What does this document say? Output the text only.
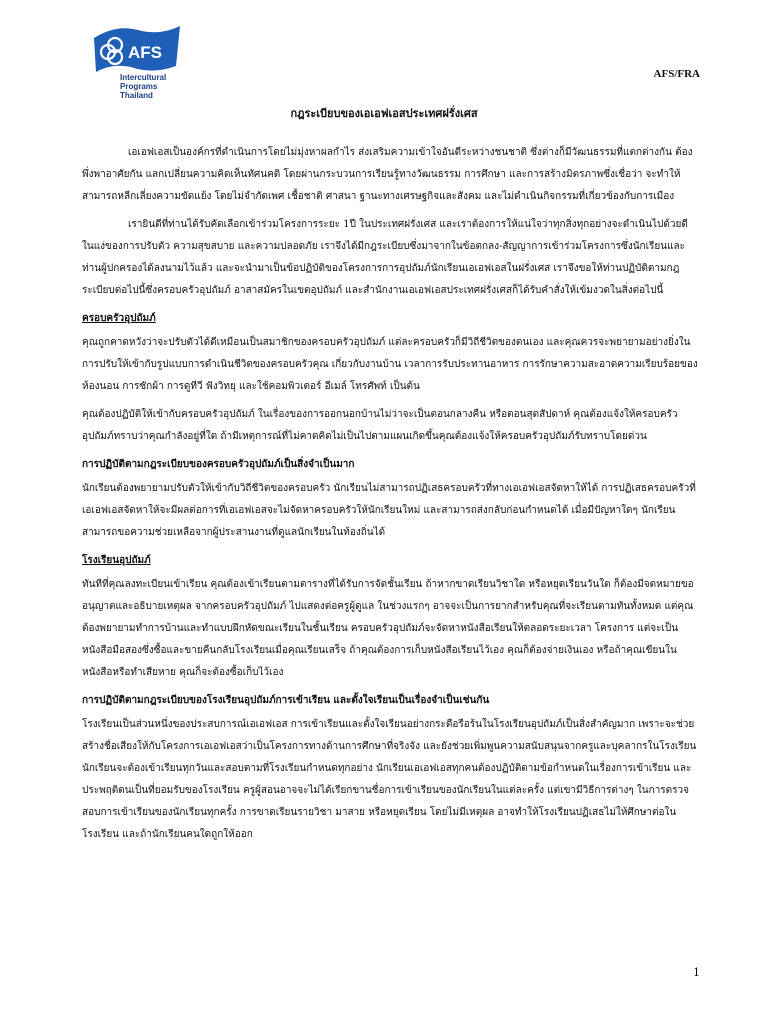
AFS
Intercultural
Programs
Thailand
AFS/FRA
กฎระเบียบของเอเอฟเอสประเทศฝรั่งเศส

เอเอฟเอสเป็นองค์กรที่ดำเนินการโดยไม่มุ่งหาผลกำไร ส่งเสริมความเข้าใจอันดีระหว่างชนชาติ ซึ่งต่างก็มีวัฒนธรรมที่แตกต่างกัน ต้องพึ่งพาอาศัยกัน แลกเปลี่ยนความคิดเห็นทัศนคติ โดยผ่านกระบวนการเรียนรู้ทางวัฒนธรรม การศึกษา และการสร้างมิตรภาพซึ่งเชื่อว่า จะทำให้สามารถหลีกเลี่ยงความขัดแย้ง โดยไม่จำกัดเพศ เชื้อชาติ ศาสนา ฐานะทางเศรษฐกิจและสังคม และไม่ดำเนินกิจกรรมที่เกี่ยวข้องกับการเมือง

เรายินดีที่ท่านได้รับคัดเลือกเข้าร่วมโครงการระยะ 1ปี ในประเทศฝรั่งเศส และเราต้องการให้แน่ใจว่าทุกสิ่งทุกอย่างจะดำเนินไปด้วยดี ในแง่ของการปรับตัว ความสุขสบาย และความปลอดภัย เราจึงได้มีกฎระเบียบซึ่งมาจากในข้อตกลง-สัญญาการเข้าร่วมโครงการซึ่งนักเรียนและท่านผู้ปกครองได้ลงนามไว้แล้ว และจะนำมาเป็นข้อปฏิบัติของโครงการการอุปถัมภ์นักเรียนเอเอฟเอสในฝรั่งเศส เราจึงขอให้ท่านปฏิบัติตามกฎระเบียบต่อไปนี้ซึ่งครอบครัวอุปถัมภ์ อาสาสมัครในเขตอุปถัมภ์ และสำนักงานเอเอฟเอสประเทศฝรั่งเศสก็ได้รับคำสั่งให้เข้มงวดในสิ่งต่อไปนี้

ครอบครัวอุปถัมภ์

คุณถูกคาดหวังว่าจะปรับตัวได้ดีเหมือนเป็นสมาชิกของครอบครัวอุปถัมภ์ แต่ละครอบครัวก็มีวิถีชีวิตของตนเอง และคุณควรจะพยายามอย่างยิ่งในการปรับให้เข้ากับรูปแบบการดำเนินชีวิตของครอบครัวคุณ เกี่ยวกับงานบ้าน เวลาการรับประทานอาหาร การรักษาความสะอาดความเรียบร้อยของห้องนอน การซักผ้า การดูทีวี ฟังวิทยุ และใช้คอมพิวเตอร์ อีเมล์ โทรศัพท์ เป็นต้น

คุณต้องปฏิบัติให้เข้ากับครอบครัวอุปถัมภ์ ในเรื่องของการออกนอกบ้านไม่ว่าจะเป็นตอนกลางคืน หรือตอนสุดสัปดาห์ คุณต้องแจ้งให้ครอบครัวอุปถัมภ์ทราบว่าคุณกำลังอยู่ที่ใด ถ้ามีเหตุการณ์ที่ไม่คาดคิดไม่เป็นไปตามแผนเกิดขึ้นคุณต้องแจ้งให้ครอบครัวอุปถัมภ์รับทราบโดยด่วน

การปฏิบัติตามกฎระเบียบของครอบครัวอุปถัมภ์เป็นสิ่งจำเป็นมาก

นักเรียนต้องพยายามปรับตัวให้เข้ากับวิถีชีวิตของครอบครัว นักเรียนไม่สามารถปฏิเสธครอบครัวที่ทางเอเอฟเอสจัดหาให้ได้ การปฏิเสธครอบครัวที่เอเอฟเอสจัดหาให้จะมีผลต่อการที่เอเอฟเอสจะไม่จัดหาครอบครัวให้นักเรียนใหม่ และสามารถส่งกลับก่อนกำหนดได้ เมื่อมีปัญหาใดๆ นักเรียนสามารถขอความช่วยเหลือจากผู้ประสานงานที่ดูแลนักเรียนในท้องถิ่นได้

โรงเรียนอุปถัมภ์

ทันทีที่คุณลงทะเบียนเข้าเรียน คุณต้องเข้าเรียนตามตารางที่ได้รับการจัดชั้นเรียน ถ้าหากขาดเรียนวิชาใด หรือหยุดเรียนวันใด ก็ต้องมีจดหมายขออนุญาตและอธิบายเหตุผล จากครอบครัวอุปถัมภ์ ไปแสดงต่อครูผู้ดูแล ในช่วงแรกๆ อาจจะเป็นการยากสำหรับคุณที่จะเรียนตามทันทั้งหมด แต่คุณต้องพยายามทำการบ้านและทำแบบฝึกหัดขณะเรียนในชั้นเรียน ครอบครัวอุปถัมภ์จะจัดหาหนังสือเรียนให้ตลอดระยะเวลา โครงการ แต่จะเป็นหนังสือมือสองซึ่งซื้อและขายคืนกลับโรงเรียนเมื่อคุณเรียนเสร็จ ถ้าคุณต้องการเก็บหนังสือเรียนไว้เอง คุณก็ต้องจ่ายเงินเอง หรือถ้าคุณเขียนในหนังสือหรือทำเสียหาย คุณก็จะต้องซื้อเก็บไว้เอง

การปฏิบัติตามกฎระเบียบของโรงเรียนอุปถัมภ์การเข้าเรียน และตั้งใจเรียนเป็นเรื่องจำเป็นเช่นกัน

โรงเรียนเป็นส่วนหนึ่งของประสบการณ์เอเอฟเอส การเข้าเรียนและตั้งใจเรียนอย่างกระตือรือร้นในโรงเรียนอุปถัมภ์เป็นสิ่งสำคัญมาก เพราะจะช่วยสร้างชื่อเสียงให้กับโครงการเอเอฟเอสว่าเป็นโครงการทางด้านการศึกษาที่จริงจัง และยังช่วยเพิ่มพูนความสนับสนุนจากครูและบุคลากรในโรงเรียน นักเรียนจะต้องเข้าเรียนทุกวันและสอบตามที่โรงเรียนกำหนดทุกอย่าง นักเรียนเอเอฟเอสทุกคนต้องปฏิบัติตามข้อกำหนดในเรื่องการเข้าเรียน และประพฤติตนเป็นที่ยอมรับของโรงเรียน ครูผู้สอนอาจจะไม่ได้เรียกขานชื่อการเข้าเรียนของนักเรียนในแต่ละครั้ง แต่เขามีวิธีการต่างๆ ในการตรวจสอบการเข้าเรียนของนักเรียนทุกครั้ง การขาดเรียนรายวิชา มาสาย หรือหยุดเรียน โดยไม่มีเหตุผล อาจทำให้โรงเรียนปฏิเสธไม่ให้ศึกษาต่อในโรงเรียน และถ้านักเรียนคนใดถูกให้ออก

1
